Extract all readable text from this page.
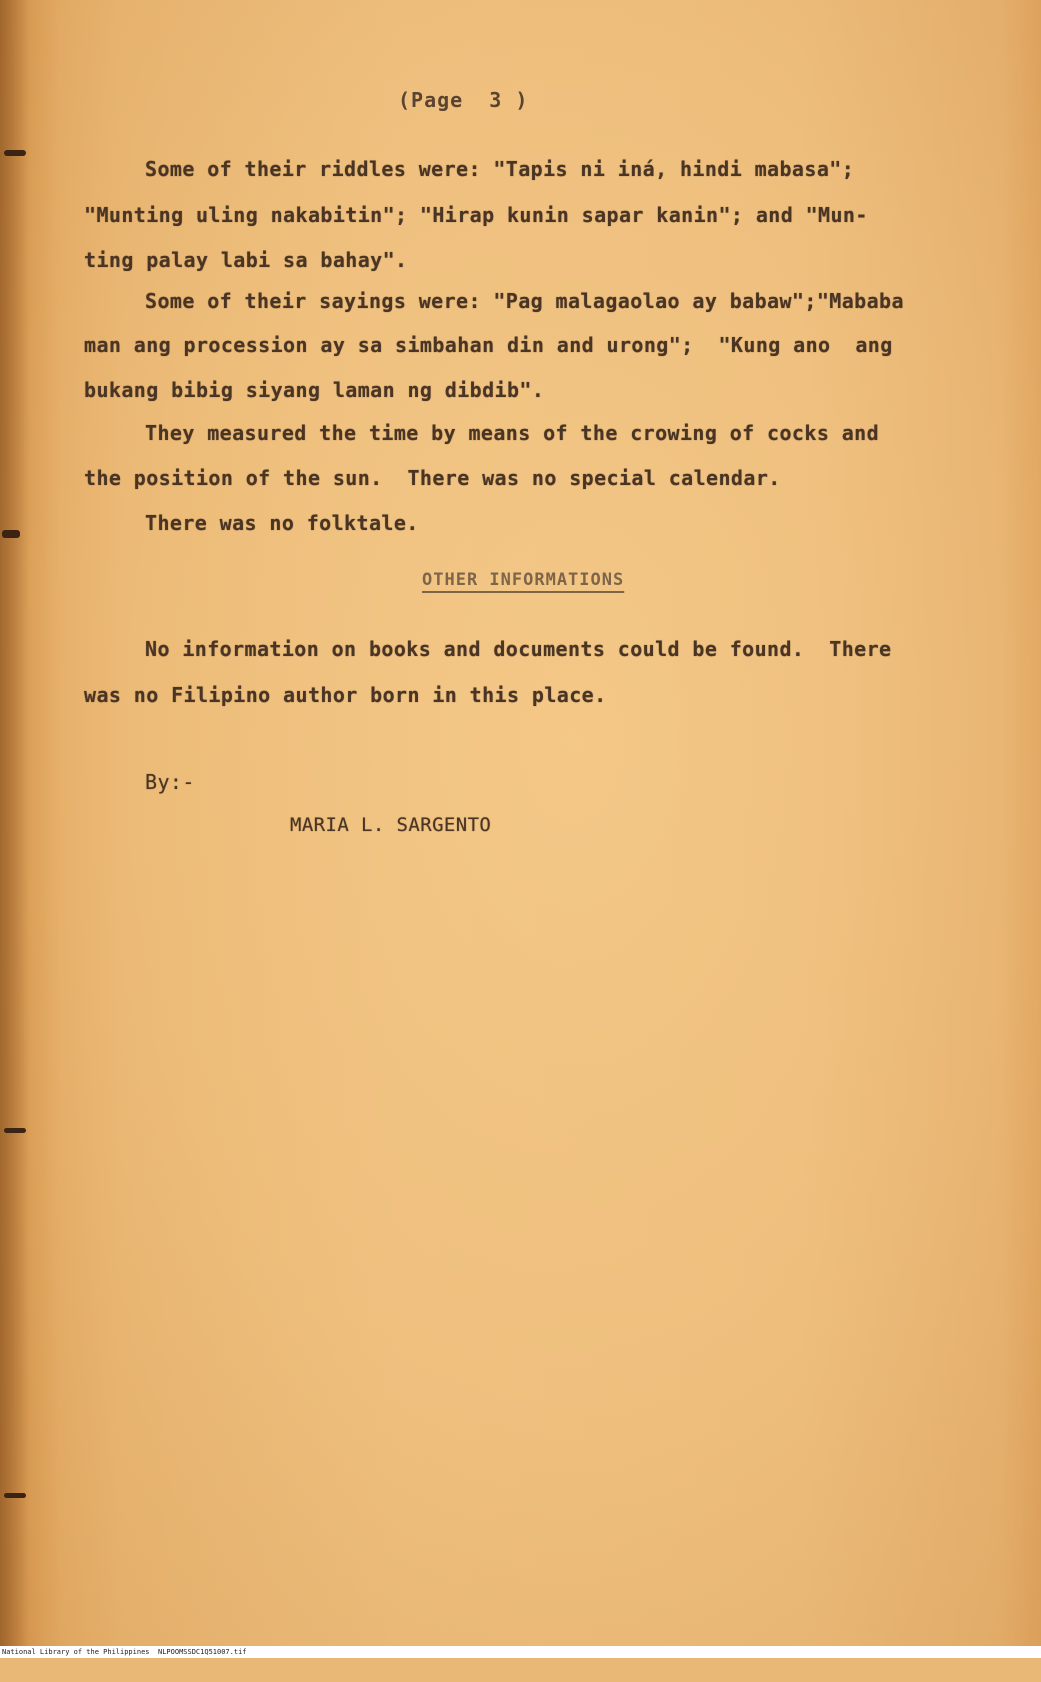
(Page  3 )
Some of their riddles were: "Tapis ni iná, hindi mabasa";
"Munting uling nakabitin"; "Hirap kunin sapar kanin"; and "Mun-
ting palay labi sa bahay".
Some of their sayings were: "Pag malagaolao ay babaw";"Mababa
man ang procession ay sa simbahan din and urong";  "Kung ano  ang
bukang bibig siyang laman ng dibdib".
They measured the time by means of the crowing of cocks and
the position of the sun.  There was no special calendar.
There was no folktale.
OTHER INFORMATIONS
No information on books and documents could be found.  There
was no Filipino author born in this place.
By:-
MARIA L. SARGENTO

National Library of the Philippines

NLPOOMSSDC1Q51007.tif
